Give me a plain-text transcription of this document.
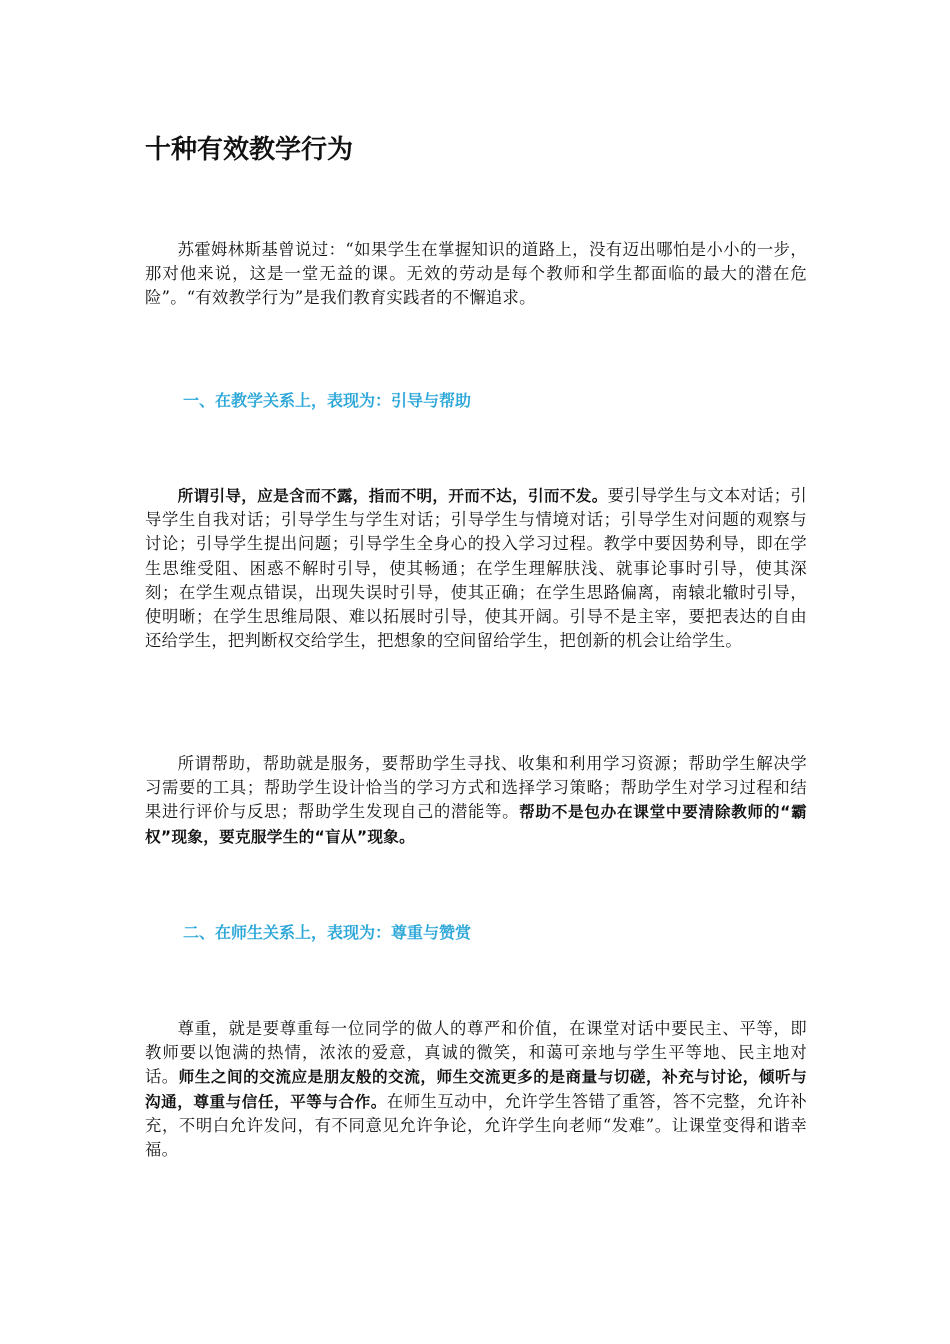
十种有效教学行为

苏霍姆林斯基曾说过：“如果学生在掌握知识的道路上，没有迈出哪怕是小小的一步，那对他来说，这是一堂无益的课。无效的劳动是每个教师和学生都面临的最大的潜在危险”。“有效教学行为”是我们教育实践者的不懈追求。

一、在教学关系上，表现为：引导与帮助

所谓引导，应是含而不露，指而不明，开而不达，引而不发。要引导学生与文本对话；引导学生自我对话；引导学生与学生对话；引导学生与情境对话；引导学生对问题的观察与讨论；引导学生提出问题；引导学生全身心的投入学习过程。教学中要因势利导，即在学生思维受阻、困惑不解时引导，使其畅通；在学生理解肤浅、就事论事时引导，使其深刻；在学生观点错误，出现失误时引导，使其正确；在学生思路偏离，南辕北辙时引导，使明晰；在学生思维局限、难以拓展时引导，使其开阔。引导不是主宰，要把表达的自由还给学生，把判断权交给学生，把想象的空间留给学生，把创新的机会让给学生。

所谓帮助，帮助就是服务，要帮助学生寻找、收集和利用学习资源；帮助学生解决学习需要的工具；帮助学生设计恰当的学习方式和选择学习策略；帮助学生对学习过程和结果进行评价与反思；帮助学生发现自己的潜能等。帮助不是包办在课堂中要清除教师的“霸权”现象，要克服学生的“盲从”现象。

二、在师生关系上，表现为：尊重与赞赏

尊重，就是要尊重每一位同学的做人的尊严和价值，在课堂对话中要民主、平等，即教师要以饱满的热情，浓浓的爱意，真诚的微笑，和蔼可亲地与学生平等地、民主地对话。师生之间的交流应是朋友般的交流，师生交流更多的是商量与切磋，补充与讨论，倾听与沟通，尊重与信任，平等与合作。在师生互动中，允许学生答错了重答，答不完整，允许补充，不明白允许发问，有不同意见允许争论，允许学生向老师“发难”。让课堂变得和谐幸福。
